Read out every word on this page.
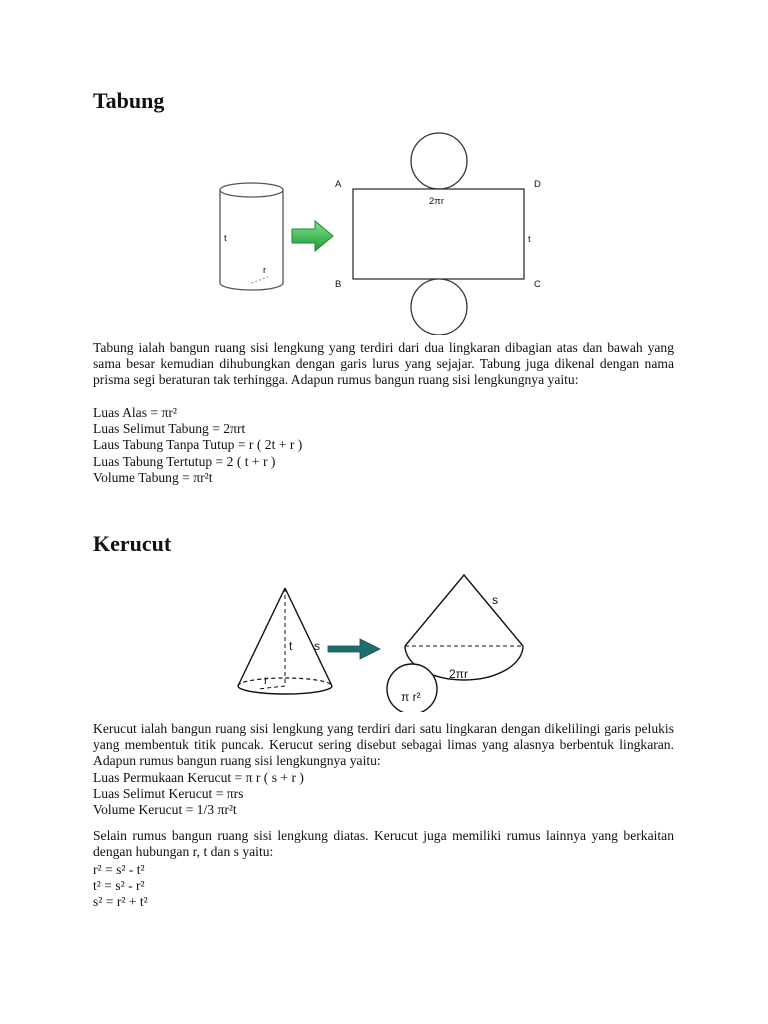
Tabung
t
r
A
B	C
D
2πr
t
Tabung ialah bangun ruang sisi lengkung yang terdiri dari dua lingkaran dibagian atas dan bawah yang sama besar kemudian dihubungkan dengan garis lurus yang sejajar. Tabung juga dikenal dengan nama prisma segi beraturan tak terhingga. Adapun rumus bangun ruang sisi lengkungnya yaitu:
Luas Alas = πr²
Luas Selimut Tabung = 2πrt
Laus Tabung Tanpa Tutup = r ( 2t + r )
Luas Tabung Tertutup = 2 ( t + r )
Volume Tabung = πr²t
Kerucut
t
r
s
s
2πr
π r²
Kerucut ialah bangun ruang sisi lengkung yang terdiri dari satu lingkaran dengan dikelilingi garis pelukis yang membentuk titik puncak. Kerucut sering disebut sebagai limas yang alasnya berbentuk lingkaran. Adapun rumus bangun ruang sisi lengkungnya yaitu:
Luas Permukaan Kerucut = π r ( s + r )
Luas Selimut Kerucut = πrs
Volume Kerucut = 1/3 πr²t
Selain rumus bangun ruang sisi lengkung diatas. Kerucut juga memiliki rumus lainnya yang berkaitan dengan hubungan r, t dan s yaitu:
r² = s² - t²
t² = s² - r²
s² = r² + t²
